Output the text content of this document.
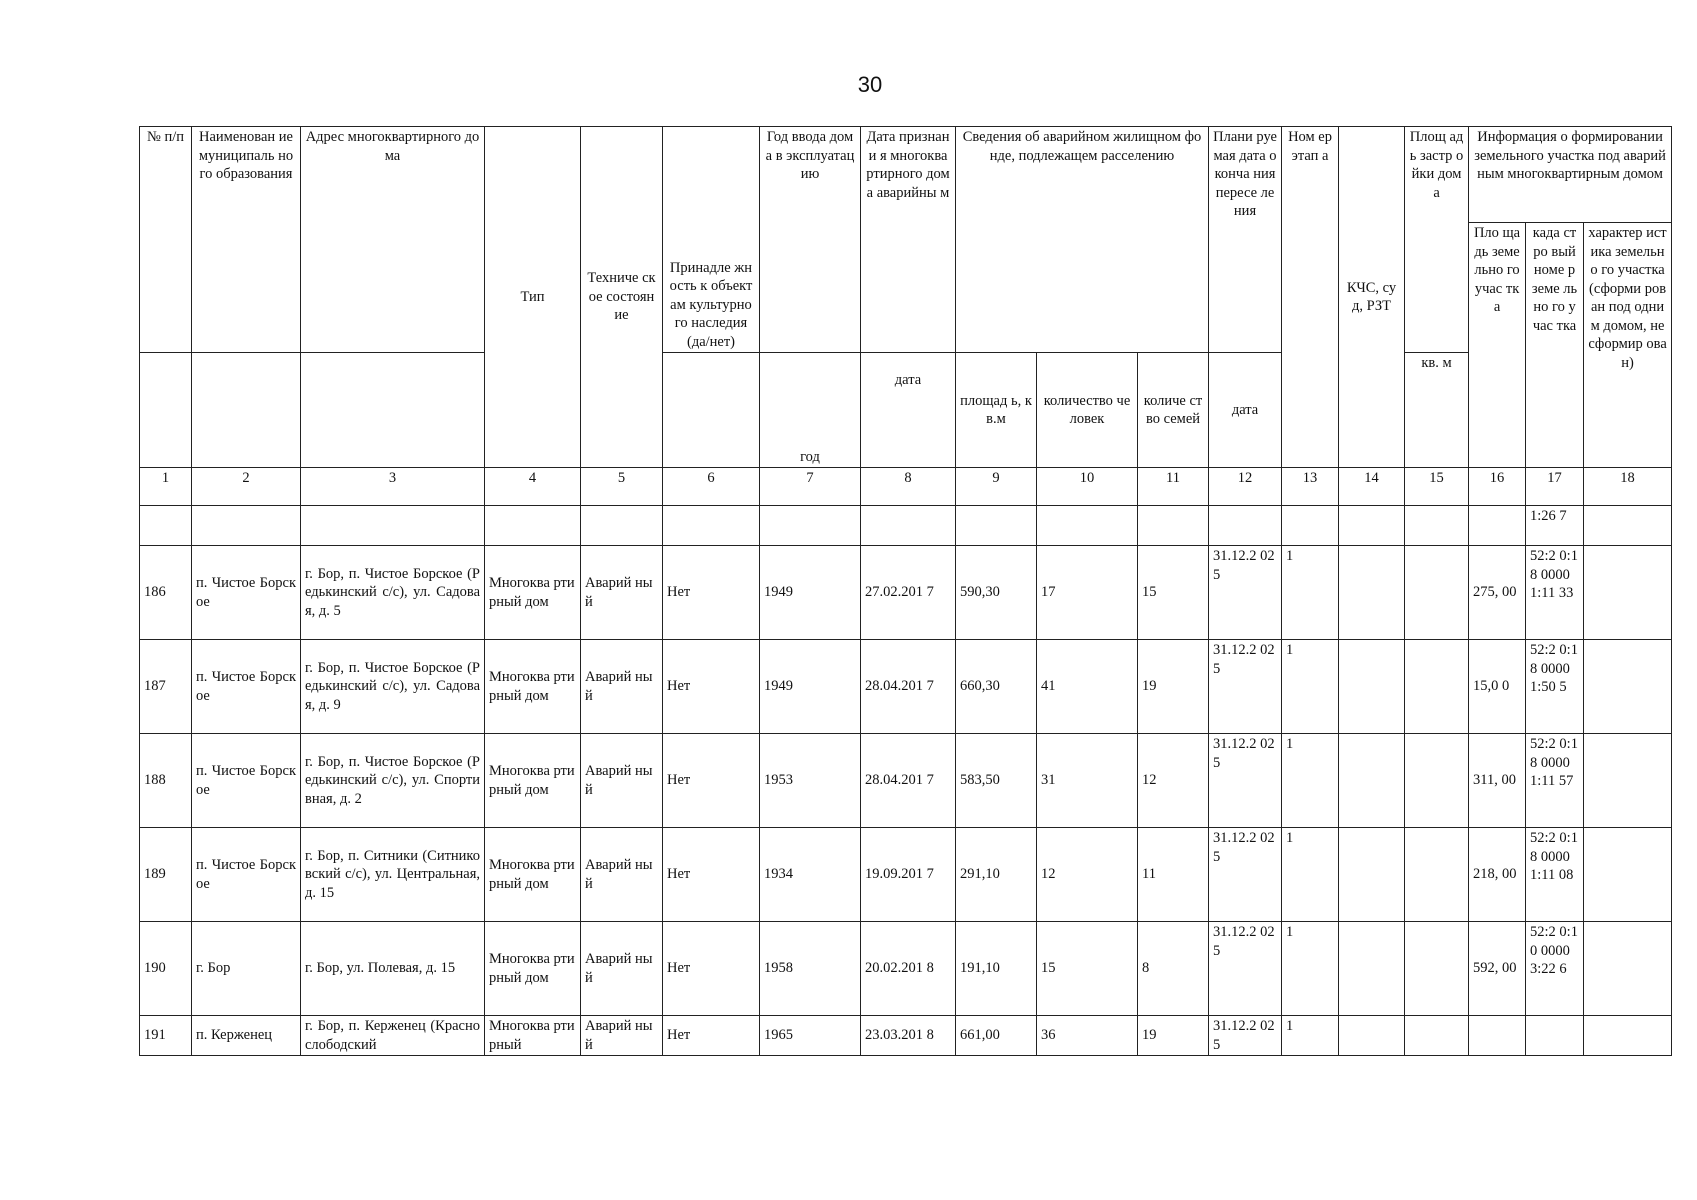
30
№ п/п	Наименован ие муниципаль ного образования	Адрес многоквартирного дома	Тип	Техниче ское состоян ие	Принадле жность к объектам культурно го наследия (да/нет)	Год ввода дома в эксплуатац ию	Дата признани я многоква ртирного дома аварийны м	Сведения об аварийном жилищном фонде, подлежащем расселению			Плани руемая дата оконча ния пересе ления	Ном ер этап а	КЧС, суд, РЗТ	Площ адь застр ойки дома	Информация о формировании земельного участка под аварийным многоквартирным домом		
															Пло щадь земе льно го учас тка	када стро вый номе р земе льно го учас тка	характер истика земельно го участка (сформи рован под одним домом, не сформир ован)
						год	дата	площад ь, кв.м	количество человек	количе ство семей	дата			кв. м			
1	2	3	4	5	6	7	8	9	10	11	12	13	14	15	16	17	18
																1:26 7	
186	п. Чистое Борское	г. Бор, п. Чистое Борское (Редькинский с/с), ул. Садовая, д. 5	Многоква ртирный дом	Аварий ный	Нет	1949	27.02.201 7	590,30	17	15	31.12.2 025	1			275, 00	52:2 0:18 0000 1:11 33	
187	п. Чистое Борское	г. Бор, п. Чистое Борское (Редькинский с/с), ул. Садовая, д. 9	Многоква ртирный дом	Аварий ный	Нет	1949	28.04.201 7	660,30	41	19	31.12.2 025	1			15,0 0	52:2 0:18 0000 1:50 5	
188	п. Чистое Борское	г. Бор, п. Чистое Борское (Редькинский с/с), ул. Спортивная, д. 2	Многоква ртирный дом	Аварий ный	Нет	1953	28.04.201 7	583,50	31	12	31.12.2 025	1			311, 00	52:2 0:18 0000 1:11 57	
189	п. Чистое Борское	г. Бор, п. Ситники (Ситниковский с/с), ул. Центральная, д. 15	Многоква ртирный дом	Аварий ный	Нет	1934	19.09.201 7	291,10	12	11	31.12.2 025	1			218, 00	52:2 0:18 0000 1:11 08	
190	г. Бор	г. Бор, ул. Полевая, д. 15	Многоква ртирный дом	Аварий ный	Нет	1958	20.02.201 8	191,10	15	8	31.12.2 025	1			592, 00	52:2 0:10 0000 3:22 6	
191	п. Керженец	г. Бор, п. Керженец (Краснослободский	Многоква ртирный	Аварий ный	Нет	1965	23.03.201 8	661,00	36	19	31.12.2 025	1					
